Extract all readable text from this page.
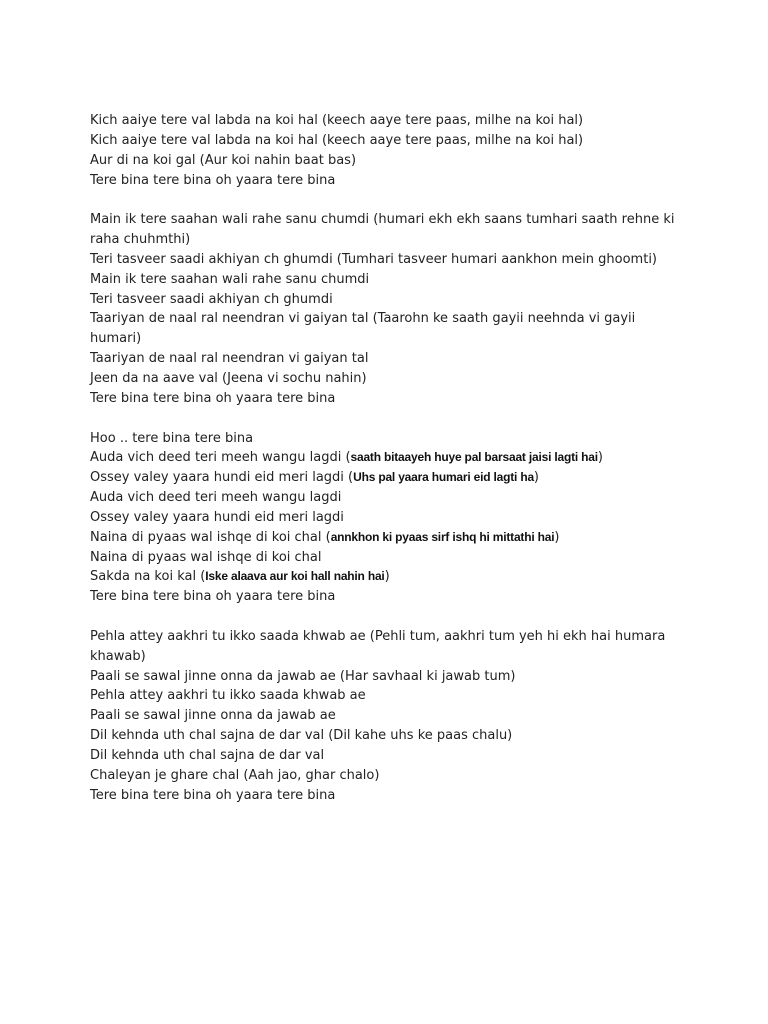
Kich aaiye tere val labda na koi hal (keech aaye tere paas, milhe na koi hal)
Kich aaiye tere val labda na koi hal (keech aaye tere paas, milhe na koi hal)
Aur di na koi gal (Aur koi nahin baat bas)
Tere bina tere bina oh yaara tere bina
Main ik tere saahan wali rahe sanu chumdi (humari ekh ekh saans tumhari saath rehne ki
raha chuhmthi)
Teri tasveer saadi akhiyan ch ghumdi (Tumhari tasveer humari aankhon mein ghoomti)
Main ik tere saahan wali rahe sanu chumdi
Teri tasveer saadi akhiyan ch ghumdi
Taariyan de naal ral neendran vi gaiyan tal (Taarohn ke saath gayii neehnda vi gayii
humari)
Taariyan de naal ral neendran vi gaiyan tal
Jeen da na aave val (Jeena vi sochu nahin)
Tere bina tere bina oh yaara tere bina
Hoo .. tere bina tere bina
Auda vich deed teri meeh wangu lagdi (saath bitaayeh huye pal barsaat jaisi lagti hai)
Ossey valey yaara hundi eid meri lagdi (Uhs pal yaara humari eid lagti ha)
Auda vich deed teri meeh wangu lagdi
Ossey valey yaara hundi eid meri lagdi
Naina di pyaas wal ishqe di koi chal (annkhon ki pyaas sirf ishq hi mittathi hai)
Naina di pyaas wal ishqe di koi chal
Sakda na koi kal (Iske alaava aur koi hall nahin hai)
Tere bina tere bina oh yaara tere bina
Pehla attey aakhri tu ikko saada khwab ae (Pehli tum, aakhri tum yeh hi ekh hai humara
khawab)
Paali se sawal jinne onna da jawab ae (Har savhaal ki jawab tum)
Pehla attey aakhri tu ikko saada khwab ae
Paali se sawal jinne onna da jawab ae
Dil kehnda uth chal sajna de dar val (Dil kahe uhs ke paas chalu)
Dil kehnda uth chal sajna de dar val
Chaleyan je ghare chal (Aah jao, ghar chalo)
Tere bina tere bina oh yaara tere bina
